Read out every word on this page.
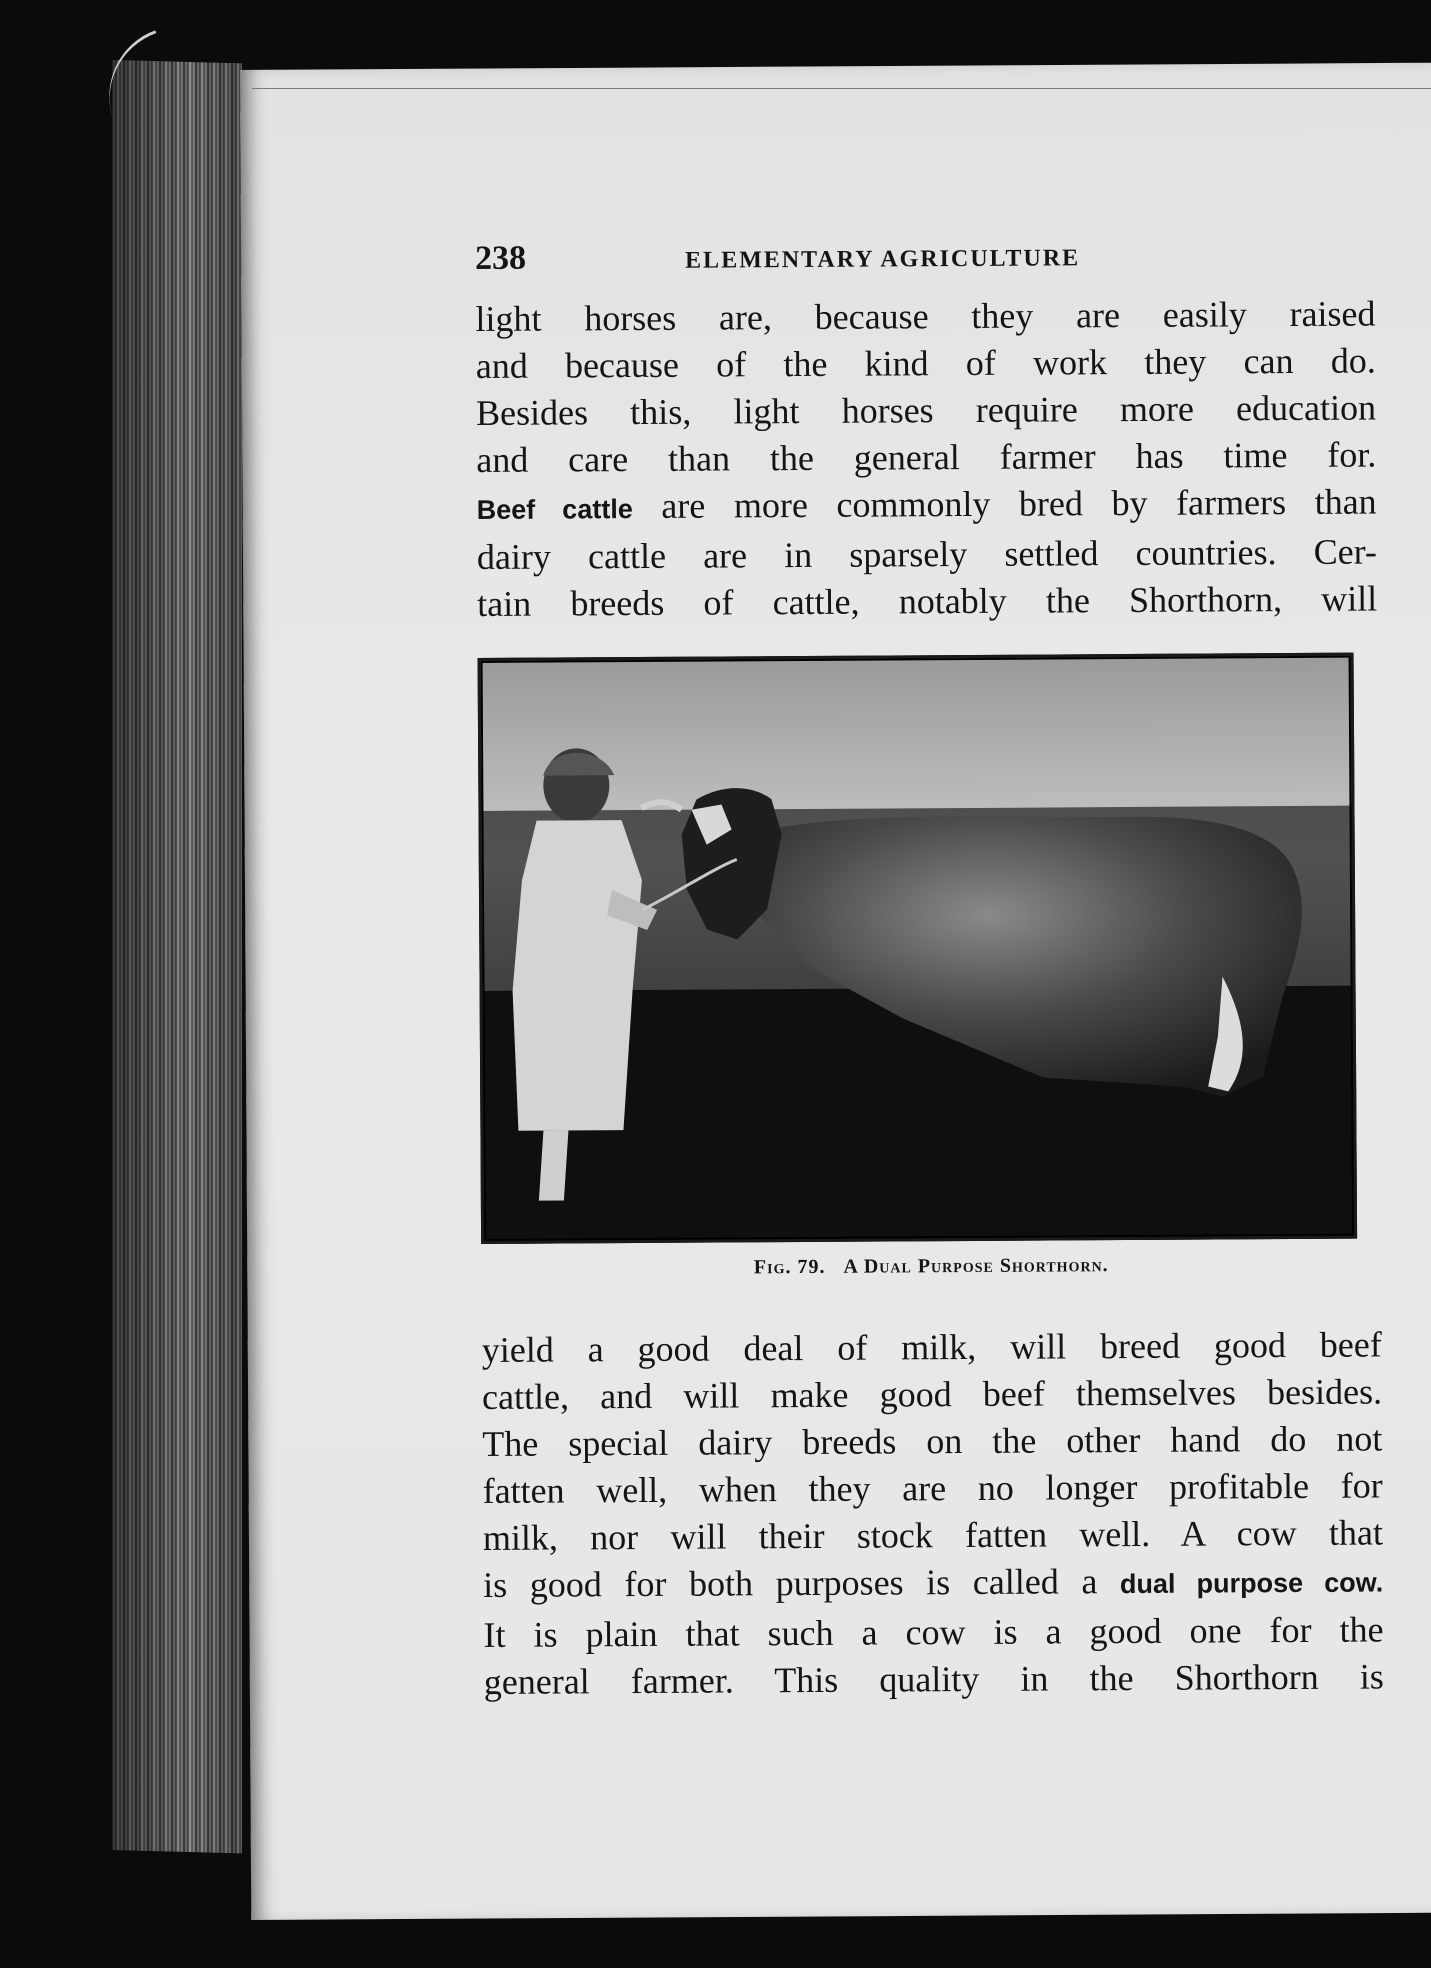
238	ELEMENTARY AGRICULTURE

light horses are, because they are easily raised
and because of the kind of work they can do.
Besides this, light horses require more education
and care than the general farmer has time for.
Beef cattle are more commonly bred by farmers than
dairy cattle are in sparsely settled countries. Cer-
tain breeds of cattle, notably the Shorthorn, will

Fig. 79. A Dual Purpose Shorthorn.

yield a good deal of milk, will breed good beef
cattle, and will make good beef themselves besides.
The special dairy breeds on the other hand do not
fatten well, when they are no longer profitable for
milk, nor will their stock fatten well. A cow that
is good for both purposes is called a dual purpose cow.
It is plain that such a cow is a good one for the
general farmer. This quality in the Shorthorn is
